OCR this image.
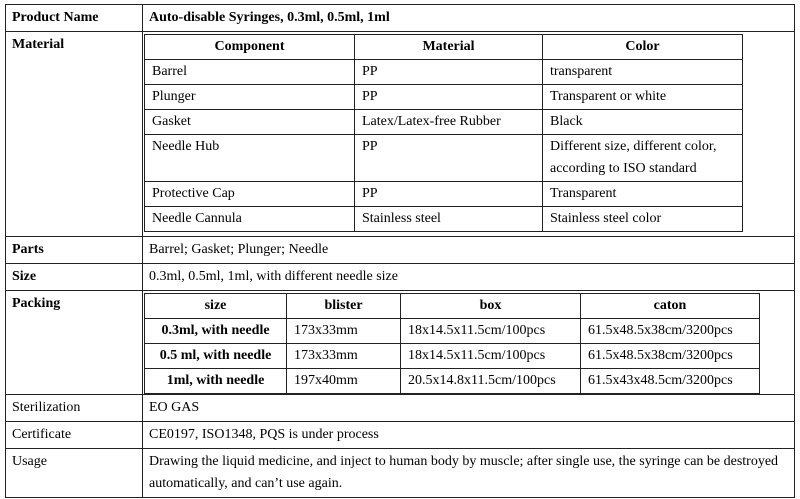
Product Name	Auto-disable Syringes, 0.3ml, 0.5ml, 1ml
Material		Component	Material	Color
Barrel	PP	transparent
Plunger	PP	Transparent or white
Gasket	Latex/Latex-free Rubber	Black
Needle Hub	PP	Different size, different color, according to ISO standard
Protective Cap	PP	Transparent
Needle Cannula	Stainless steel	Stainless steel color

Parts	Barrel; Gasket; Plunger; Needle
Size	0.3ml, 0.5ml, 1ml, with different needle size
Packing		size	blister	box	caton
0.3ml, with needle	173x33mm	18x14.5x11.5cm/100pcs	61.5x48.5x38cm/3200pcs
0.5 ml, with needle	173x33mm	18x14.5x11.5cm/100pcs	61.5x48.5x38cm/3200pcs
1ml, with needle	197x40mm	20.5x14.8x11.5cm/100pcs	61.5x43x48.5cm/3200pcs

Sterilization	EO GAS
Certificate	CE0197, ISO1348, PQS is under process
Usage	Drawing the liquid medicine, and inject to human body by muscle; after single use, the syringe can be destroyed automatically, and can’t use again.
